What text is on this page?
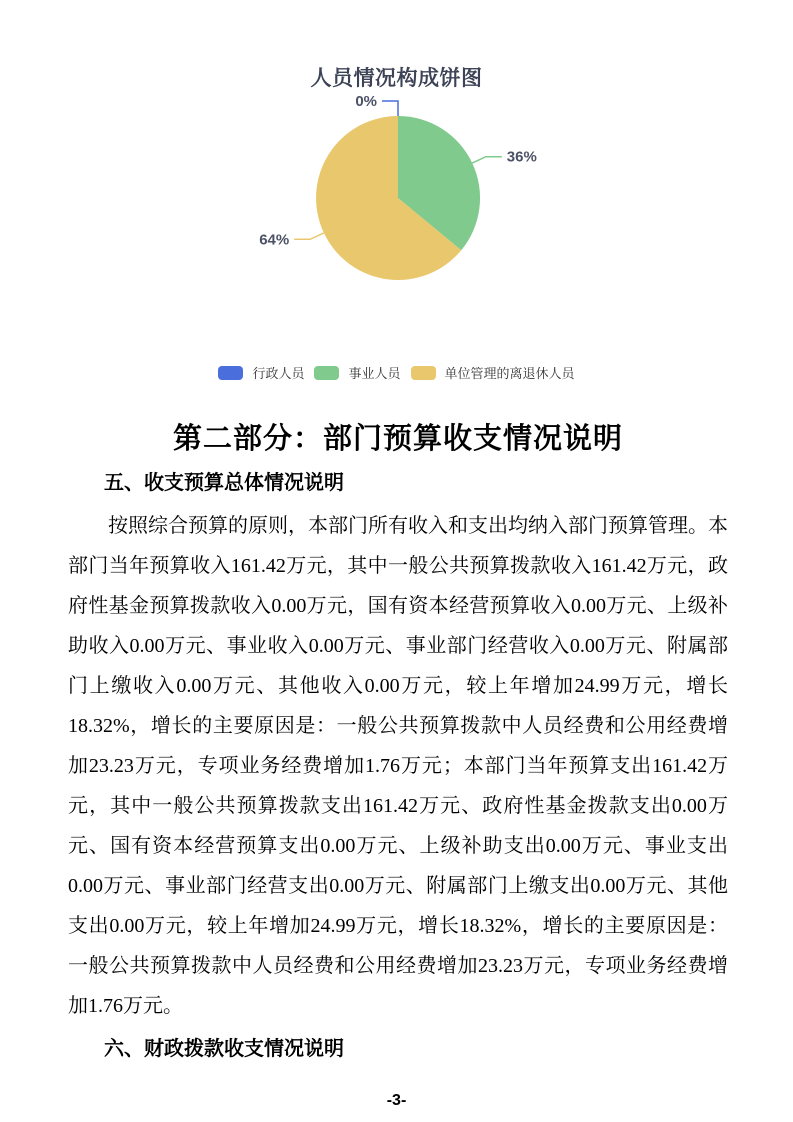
人员情况构成饼图
0%
36%
64%
行政人员	事业人员	单位管理的离退休人员
第二部分：部门预算收支情况说明
五、收支预算总体情况说明

按照综合预算的原则，本部门所有收入和支出均纳入部门预算管理。本部门当年预算收入161.42万元，其中一般公共预算拨款收入161.42万元，政府性基金预算拨款收入0.00万元，国有资本经营预算收入0.00万元、上级补助收入0.00万元、事业收入0.00万元、事业部门经营收入0.00万元、附属部门上缴收入0.00万元、其他收入0.00万元，较上年增加24.99万元，增长18.32%，增长的主要原因是：一般公共预算拨款中人员经费和公用经费增加23.23万元，专项业务经费增加1.76万元；本部门当年预算支出161.42万元，其中一般公共预算拨款支出161.42万元、政府性基金拨款支出0.00万元、国有资本经营预算支出0.00万元、上级补助支出0.00万元、事业支出0.00万元、事业部门经营支出0.00万元、附属部门上缴支出0.00万元、其他支出0.00万元，较上年增加24.99万元，增长18.32%，增长的主要原因是：一般公共预算拨款中人员经费和公用经费增加23.23万元，专项业务经费增加1.76万元。

六、财政拨款收支情况说明
-3-
